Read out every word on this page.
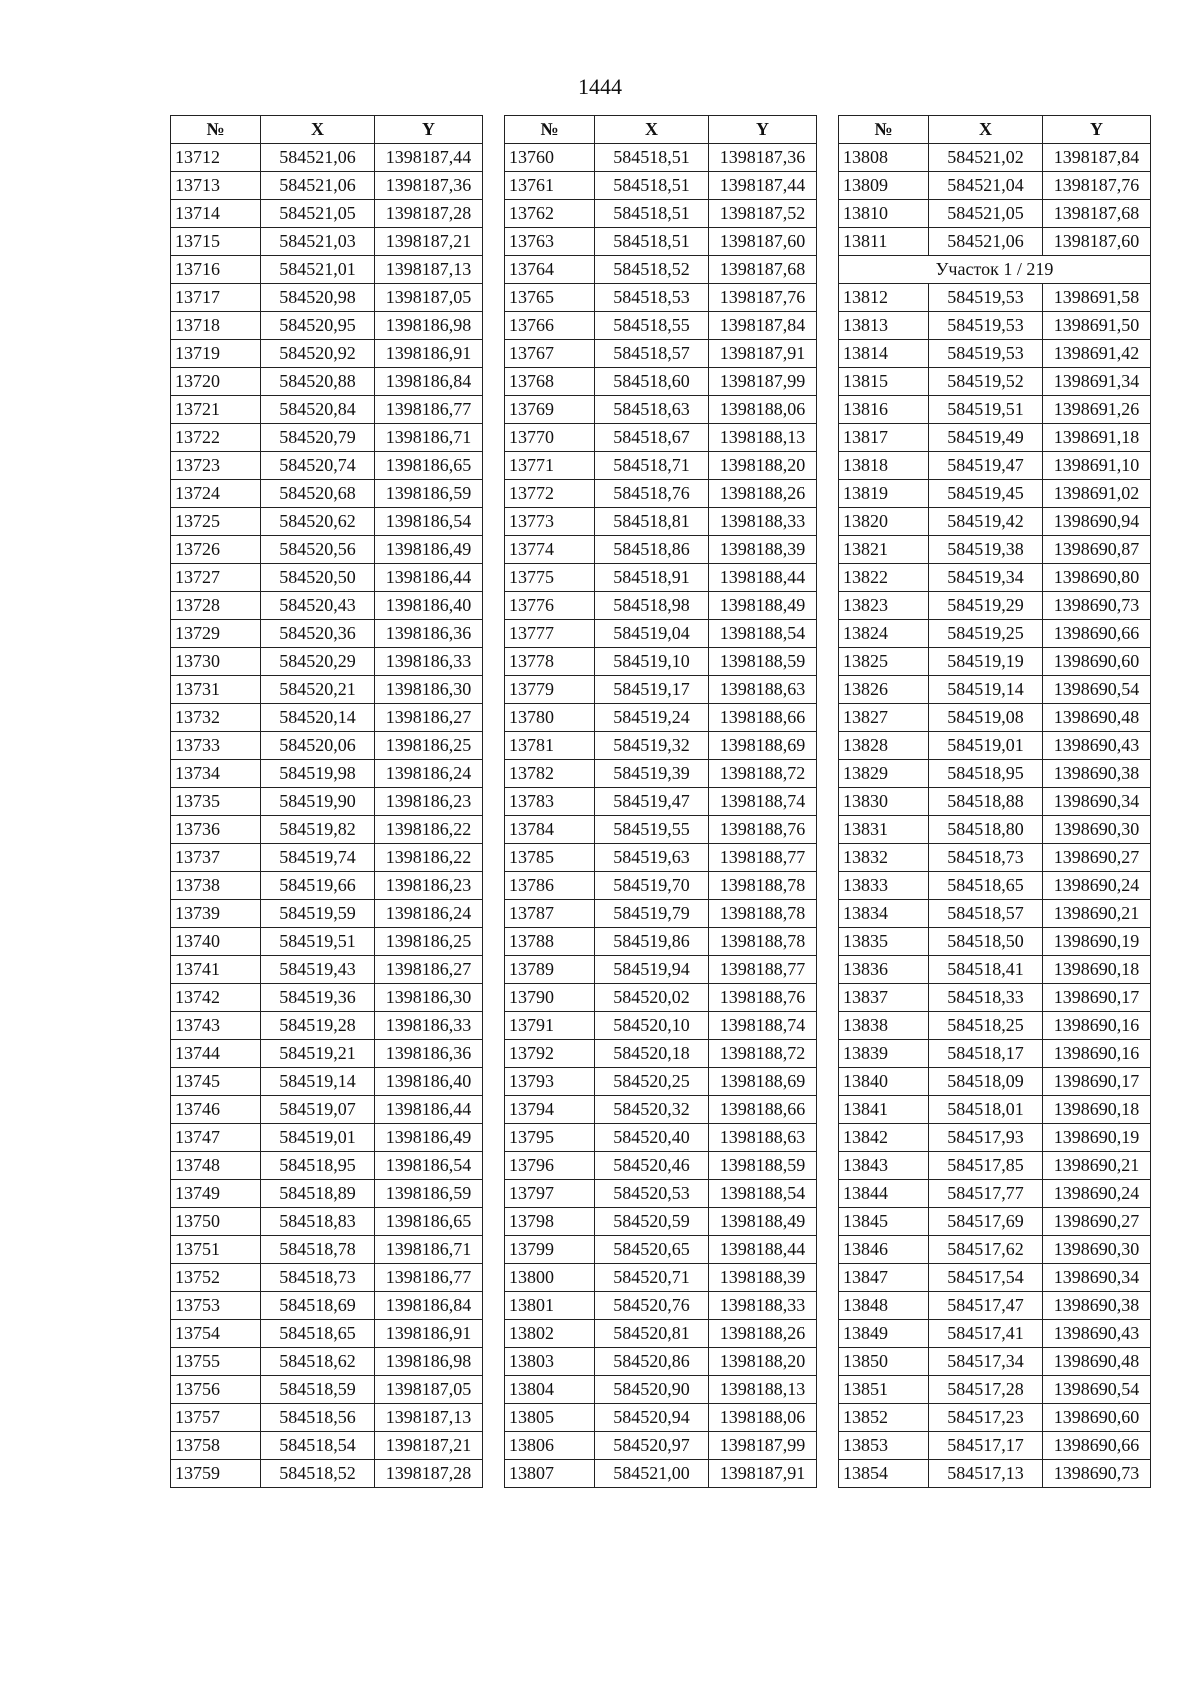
1444
№	X	Y
13712	584521,06	1398187,44
13713	584521,06	1398187,36
13714	584521,05	1398187,28
13715	584521,03	1398187,21
13716	584521,01	1398187,13
13717	584520,98	1398187,05
13718	584520,95	1398186,98
13719	584520,92	1398186,91
13720	584520,88	1398186,84
13721	584520,84	1398186,77
13722	584520,79	1398186,71
13723	584520,74	1398186,65
13724	584520,68	1398186,59
13725	584520,62	1398186,54
13726	584520,56	1398186,49
13727	584520,50	1398186,44
13728	584520,43	1398186,40
13729	584520,36	1398186,36
13730	584520,29	1398186,33
13731	584520,21	1398186,30
13732	584520,14	1398186,27
13733	584520,06	1398186,25
13734	584519,98	1398186,24
13735	584519,90	1398186,23
13736	584519,82	1398186,22
13737	584519,74	1398186,22
13738	584519,66	1398186,23
13739	584519,59	1398186,24
13740	584519,51	1398186,25
13741	584519,43	1398186,27
13742	584519,36	1398186,30
13743	584519,28	1398186,33
13744	584519,21	1398186,36
13745	584519,14	1398186,40
13746	584519,07	1398186,44
13747	584519,01	1398186,49
13748	584518,95	1398186,54
13749	584518,89	1398186,59
13750	584518,83	1398186,65
13751	584518,78	1398186,71
13752	584518,73	1398186,77
13753	584518,69	1398186,84
13754	584518,65	1398186,91
13755	584518,62	1398186,98
13756	584518,59	1398187,05
13757	584518,56	1398187,13
13758	584518,54	1398187,21
13759	584518,52	1398187,28
№	X	Y
13760	584518,51	1398187,36
13761	584518,51	1398187,44
13762	584518,51	1398187,52
13763	584518,51	1398187,60
13764	584518,52	1398187,68
13765	584518,53	1398187,76
13766	584518,55	1398187,84
13767	584518,57	1398187,91
13768	584518,60	1398187,99
13769	584518,63	1398188,06
13770	584518,67	1398188,13
13771	584518,71	1398188,20
13772	584518,76	1398188,26
13773	584518,81	1398188,33
13774	584518,86	1398188,39
13775	584518,91	1398188,44
13776	584518,98	1398188,49
13777	584519,04	1398188,54
13778	584519,10	1398188,59
13779	584519,17	1398188,63
13780	584519,24	1398188,66
13781	584519,32	1398188,69
13782	584519,39	1398188,72
13783	584519,47	1398188,74
13784	584519,55	1398188,76
13785	584519,63	1398188,77
13786	584519,70	1398188,78
13787	584519,79	1398188,78
13788	584519,86	1398188,78
13789	584519,94	1398188,77
13790	584520,02	1398188,76
13791	584520,10	1398188,74
13792	584520,18	1398188,72
13793	584520,25	1398188,69
13794	584520,32	1398188,66
13795	584520,40	1398188,63
13796	584520,46	1398188,59
13797	584520,53	1398188,54
13798	584520,59	1398188,49
13799	584520,65	1398188,44
13800	584520,71	1398188,39
13801	584520,76	1398188,33
13802	584520,81	1398188,26
13803	584520,86	1398188,20
13804	584520,90	1398188,13
13805	584520,94	1398188,06
13806	584520,97	1398187,99
13807	584521,00	1398187,91
№	X	Y
13808	584521,02	1398187,84
13809	584521,04	1398187,76
13810	584521,05	1398187,68
13811	584521,06	1398187,60
Участок 1 / 219		
13812	584519,53	1398691,58
13813	584519,53	1398691,50
13814	584519,53	1398691,42
13815	584519,52	1398691,34
13816	584519,51	1398691,26
13817	584519,49	1398691,18
13818	584519,47	1398691,10
13819	584519,45	1398691,02
13820	584519,42	1398690,94
13821	584519,38	1398690,87
13822	584519,34	1398690,80
13823	584519,29	1398690,73
13824	584519,25	1398690,66
13825	584519,19	1398690,60
13826	584519,14	1398690,54
13827	584519,08	1398690,48
13828	584519,01	1398690,43
13829	584518,95	1398690,38
13830	584518,88	1398690,34
13831	584518,80	1398690,30
13832	584518,73	1398690,27
13833	584518,65	1398690,24
13834	584518,57	1398690,21
13835	584518,50	1398690,19
13836	584518,41	1398690,18
13837	584518,33	1398690,17
13838	584518,25	1398690,16
13839	584518,17	1398690,16
13840	584518,09	1398690,17
13841	584518,01	1398690,18
13842	584517,93	1398690,19
13843	584517,85	1398690,21
13844	584517,77	1398690,24
13845	584517,69	1398690,27
13846	584517,62	1398690,30
13847	584517,54	1398690,34
13848	584517,47	1398690,38
13849	584517,41	1398690,43
13850	584517,34	1398690,48
13851	584517,28	1398690,54
13852	584517,23	1398690,60
13853	584517,17	1398690,66
13854	584517,13	1398690,73
